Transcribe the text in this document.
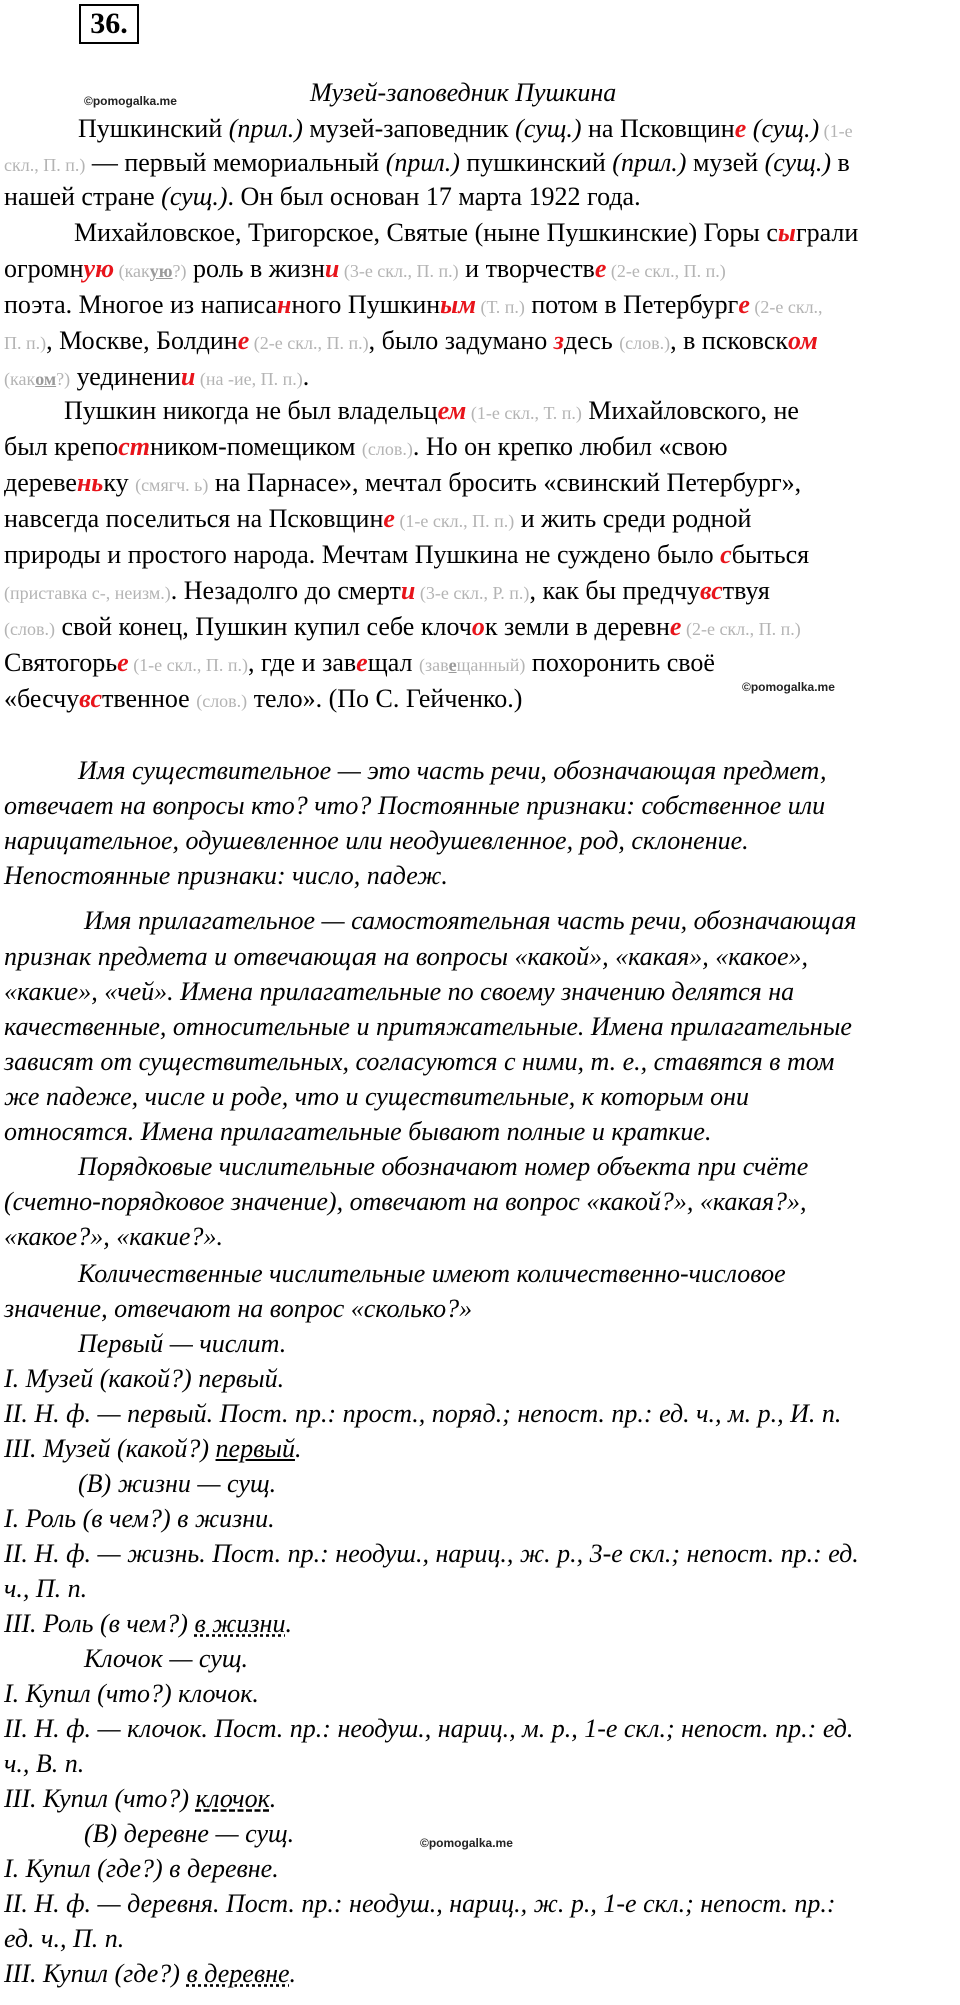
36.
©pomogalka.me
©pomogalka.me
©pomogalka.me
Музей-заповедник Пушкина
Пушкинский (прил.) музей-заповедник (сущ.) на Псковщине (сущ.) (1-е
скл., П. п.) — первый мемориальный (прил.) пушкинский (прил.) музей (сущ.) в
нашей стране (сущ.). Он был основан 17 марта 1922 года.
Михайловское, Тригорское, Святые (ныне Пушкинские) Горы сыграли
огромную (какую?) роль в жизни (3-е скл., П. п.) и творчестве (2-е скл., П. п.)
поэта. Многое из написанного Пушкиным (Т. п.) потом в Петербурге (2-е скл.,
П. п.), Москве, Болдине (2-е скл., П. п.), было задумано здесь (слов.), в псковском
(каком?) уединении (на -ие, П. п.).
Пушкин никогда не был владельцем (1-е скл., Т. п.) Михайловского, не
был крепостником-помещиком (слов.). Но он крепко любил «свою
деревеньку (смягч. ь) на Парнасе», мечтал бросить «свинский Петербург»,
навсегда поселиться на Псковщине (1-е скл., П. п.) и жить среди родной
природы и простого народа. Мечтам Пушкина не суждено было сбыться
(приставка с-, неизм.). Незадолго до смерти (3-е скл., Р. п.), как бы предчувствуя
(слов.) свой конец, Пушкин купил себе клочок земли в деревне (2-е скл., П. п.)
Святогорье (1-е скл., П. п.), где и завещал (завещанный) похоронить своё
«бесчувственное (слов.) тело». (По С. Гейченко.)
Имя существительное — это часть речи, обозначающая предмет,
отвечает на вопросы кто? что? Постоянные признаки: собственное или
нарицательное, одушевленное или неодушевленное, род, склонение.
Непостоянные признаки: число, падеж.
Имя прилагательное — самостоятельная часть речи, обозначающая
признак предмета и отвечающая на вопросы «какой», «какая», «какое»,
«какие», «чей». Имена прилагательные по своему значению делятся на
качественные, относительные и притяжательные. Имена прилагательные
зависят от существительных, согласуются с ними, т. е., ставятся в том
же падеже, числе и роде, что и существительные, к которым они
относятся. Имена прилагательные бывают полные и краткие.
Порядковые числительные обозначают номер объекта при счёте
(счетно-порядковое значение), отвечают на вопрос «какой?», «какая?»,
«какое?», «какие?».
Количественные числительные имеют количественно-числовое
значение, отвечают на вопрос «сколько?»
Первый — числит.
I. Музей (какой?) первый.
II. Н. ф. — первый. Пост. пр.: прост., поряд.; непост. пр.: ед. ч., м. р., И. п.
III. Музей (какой?) первый.
(В) жизни — сущ.
I. Роль (в чем?) в жизни.
II. Н. ф. — жизнь. Пост. пр.: неодуш., нариц., ж. р., 3-е скл.; непост. пр.: ед.
ч., П. п.
III. Роль (в чем?) в жизни.
Клочок — сущ.
I. Купил (что?) клочок.
II. Н. ф. — клочок. Пост. пр.: неодуш., нариц., м. р., 1-е скл.; непост. пр.: ед.
ч., В. п.
III. Купил (что?) клочок.
(В) деревне — сущ.
I. Купил (где?) в деревне.
II. Н. ф. — деревня. Пост. пр.: неодуш., нариц., ж. р., 1-е скл.; непост. пр.:
ед. ч., П. п.
III. Купил (где?) в деревне.
